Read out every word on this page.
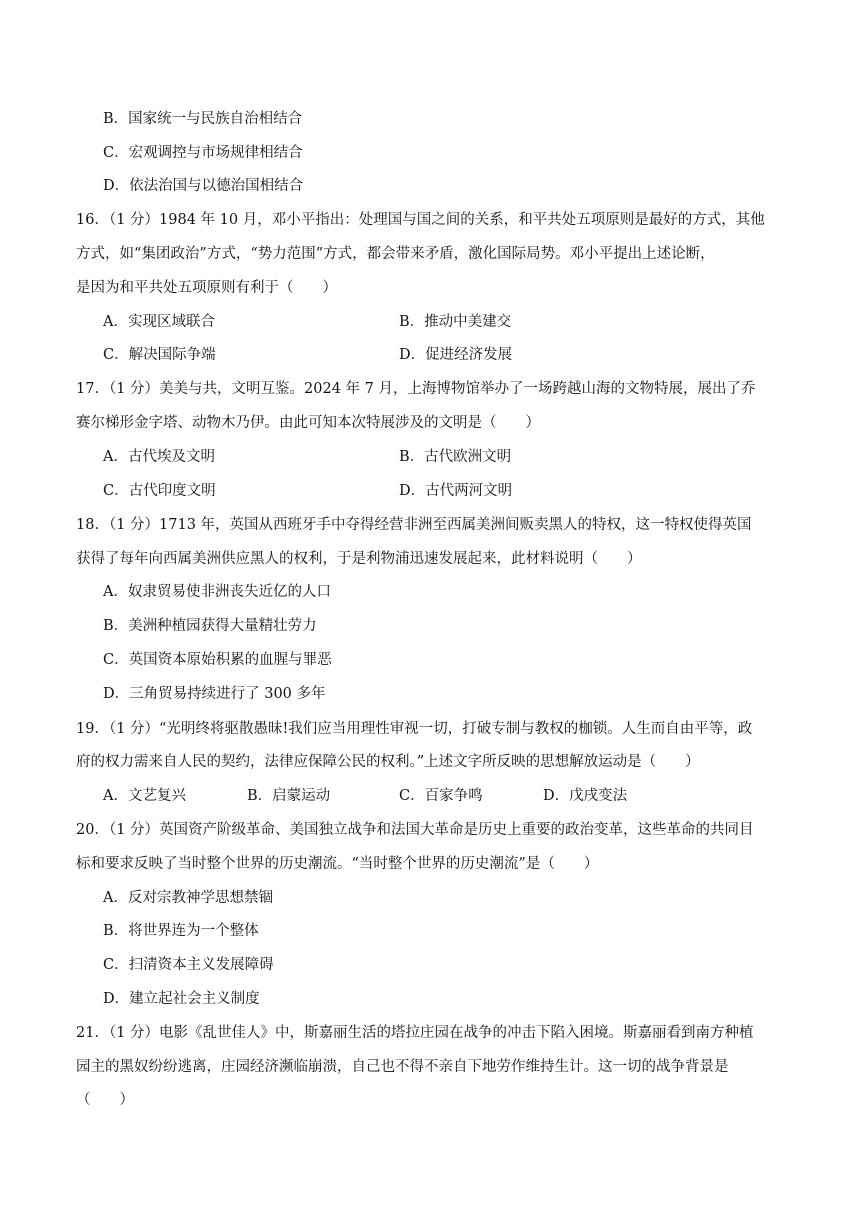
B．国家统一与民族自治相结合
C．宏观调控与市场规律相结合
D．依法治国与以德治国相结合
16．（1 分）1984 年 10 月，邓小平指出：处理国与国之间的关系，和平共处五项原则是最好的方式，其他
方式，如“集团政治”方式，“势力范围”方式，都会带来矛盾，激化国际局势。邓小平提出上述论断，
是因为和平共处五项原则有利于（　　）
A．实现区域联合	B．推动中美建交
C．解决国际争端	D．促进经济发展
赛尔梯形金字塔、动物木乃伊。由此可知本次特展涉及的文明是（　　）
17．（1 分）美美与共，文明互鉴。2024 年 7 月，上海博物馆举办了一场跨越山海的文物特展，展出了乔
A．古代埃及文明	B．古代欧洲文明
C．古代印度文明	D．古代两河文明
18．（1 分）1713 年，英国从西班牙手中夺得经营非洲至西属美洲间贩卖黑人的特权，这一特权使得英国
获得了每年向西属美洲供应黑人的权利，于是利物浦迅速发展起来，此材料说明（　　）
A．奴隶贸易使非洲丧失近亿的人口
B．美洲种植园获得大量精壮劳力
C．英国资本原始积累的血腥与罪恶
D．三角贸易持续进行了 300 多年
19．（1 分）“光明终将驱散愚昧!我们应当用理性审视一切，打破专制与教权的枷锁。人生而自由平等，政
府的权力需来自人民的契约，法律应保障公民的权利。”上述文字所反映的思想解放运动是（　　）
A．文艺复兴	B．启蒙运动	C．百家争鸣	D．戊戌变法
20．（1 分）英国资产阶级革命、美国独立战争和法国大革命是历史上重要的政治变革，这些革命的共同目
标和要求反映了当时整个世界的历史潮流。“当时整个世界的历史潮流”是（　　）
A．反对宗教神学思想禁锢
B．将世界连为一个整体
C．扫清资本主义发展障碍
D．建立起社会主义制度
21．（1 分）电影《乱世佳人》中，斯嘉丽生活的塔拉庄园在战争的冲击下陷入困境。斯嘉丽看到南方种植
园主的黑奴纷纷逃离，庄园经济濒临崩溃，自己也不得不亲自下地劳作维持生计。这一切的战争背景是
（　　）
